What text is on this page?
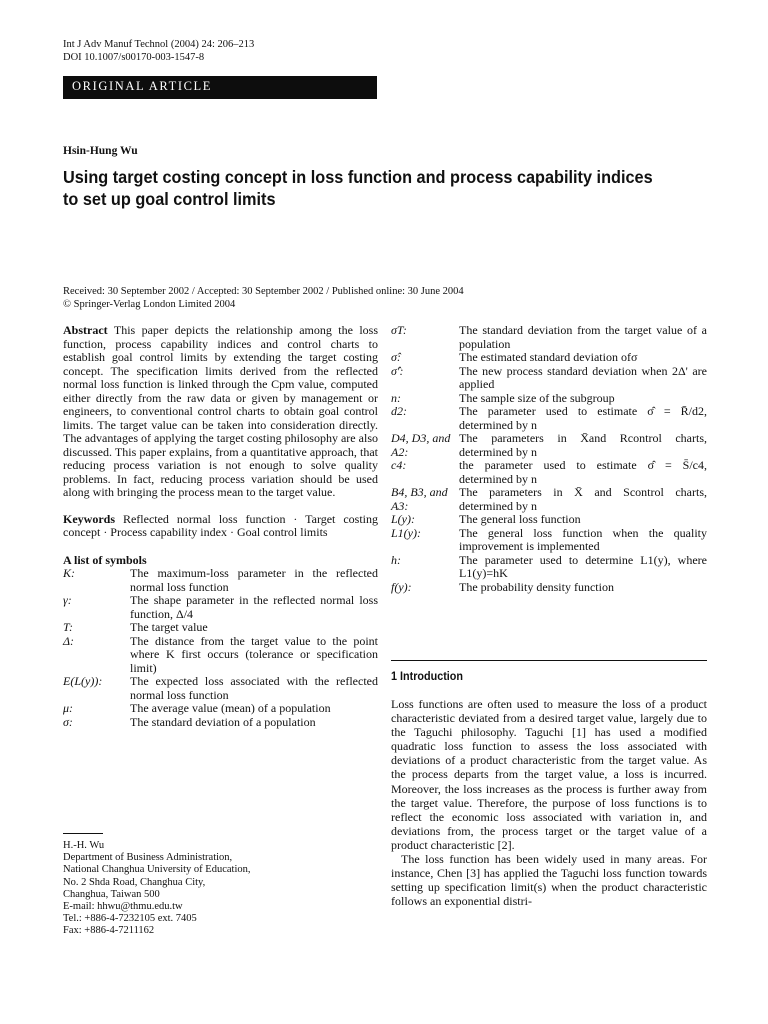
Int J Adv Manuf Technol (2004) 24: 206–213
DOI 10.1007/s00170-003-1547-8
ORIGINAL ARTICLE
Hsin-Hung Wu
Using target costing concept in loss function and process capability indices to set up goal control limits
Received: 30 September 2002 / Accepted: 30 September 2002 / Published online: 30 June 2004
© Springer-Verlag London Limited 2004
Abstract This paper depicts the relationship among the loss function, process capability indices and control charts to establish goal control limits by extending the target costing concept. The specification limits derived from the reflected normal loss function is linked through the Cpm value, computed either directly from the raw data or given by management or engineers, to conventional control charts to obtain goal control limits. The target value can be taken into consideration directly. The advantages of applying the target costing philosophy are also discussed. This paper explains, from a quantitative approach, that reducing process variation is not enough to solve quality problems. In fact, reducing process variation should be used along with bringing the process mean to the target value.
Keywords Reflected normal loss function · Target costing concept · Process capability index · Goal control limits
A list of symbols
K:	The maximum-loss parameter in the reflected normal loss function
γ:	The shape parameter in the reflected normal loss function, Δ/4
T:	The target value
Δ:	The distance from the target value to the point where K first occurs (tolerance or specification limit)
E(L(y)):	The expected loss associated with the reflected normal loss function
μ:	The average value (mean) of a population
σ:	The standard deviation of a population
σT:	The standard deviation from the target value of a population
σ̂:	The estimated standard deviation ofσ
σ̂′:	The new process standard deviation when 2Δ' are applied
n:	The sample size of the subgroup
d2:	The parameter used to estimate σ̂ = R̄/d2, determined by n
D4, D3, and A2:
The parameters in X̄and Rcontrol charts, determined by n
c4:	the parameter used to estimate σ̂ = S̄/c4, determined by n
B4, B3, and A3:
The parameters in X̄ and Scontrol charts, determined by n
L(y):	The general loss function
L1(y):	The general loss function when the quality improvement is implemented
h:	The parameter used to determine L1(y), where L1(y)=hK
f(y):	The probability density function
1 Introduction

Loss functions are often used to measure the loss of a product characteristic deviated from a desired target value, largely due to the Taguchi philosophy. Taguchi [1] has used a modified quadratic loss function to assess the loss associated with deviations of a product characteristic from the target value. As the process departs from the target value, a loss is incurred. Moreover, the loss increases as the process is further away from the target value. Therefore, the purpose of loss functions is to reflect the economic loss associated with variation in, and deviations from, the process target or the target value of a product characteristic [2].

The loss function has been widely used in many areas. For instance, Chen [3] has applied the Taguchi loss function towards setting up specification limit(s) when the product characteristic follows an exponential distri-

H.-H. Wu
Department of Business Administration,
National Changhua University of Education,
No. 2 Shda Road, Changhua City,
Changhua, Taiwan 500
E-mail: hhwu@thmu.edu.tw
Tel.: +886-4-7232105 ext. 7405
Fax: +886-4-7211162
